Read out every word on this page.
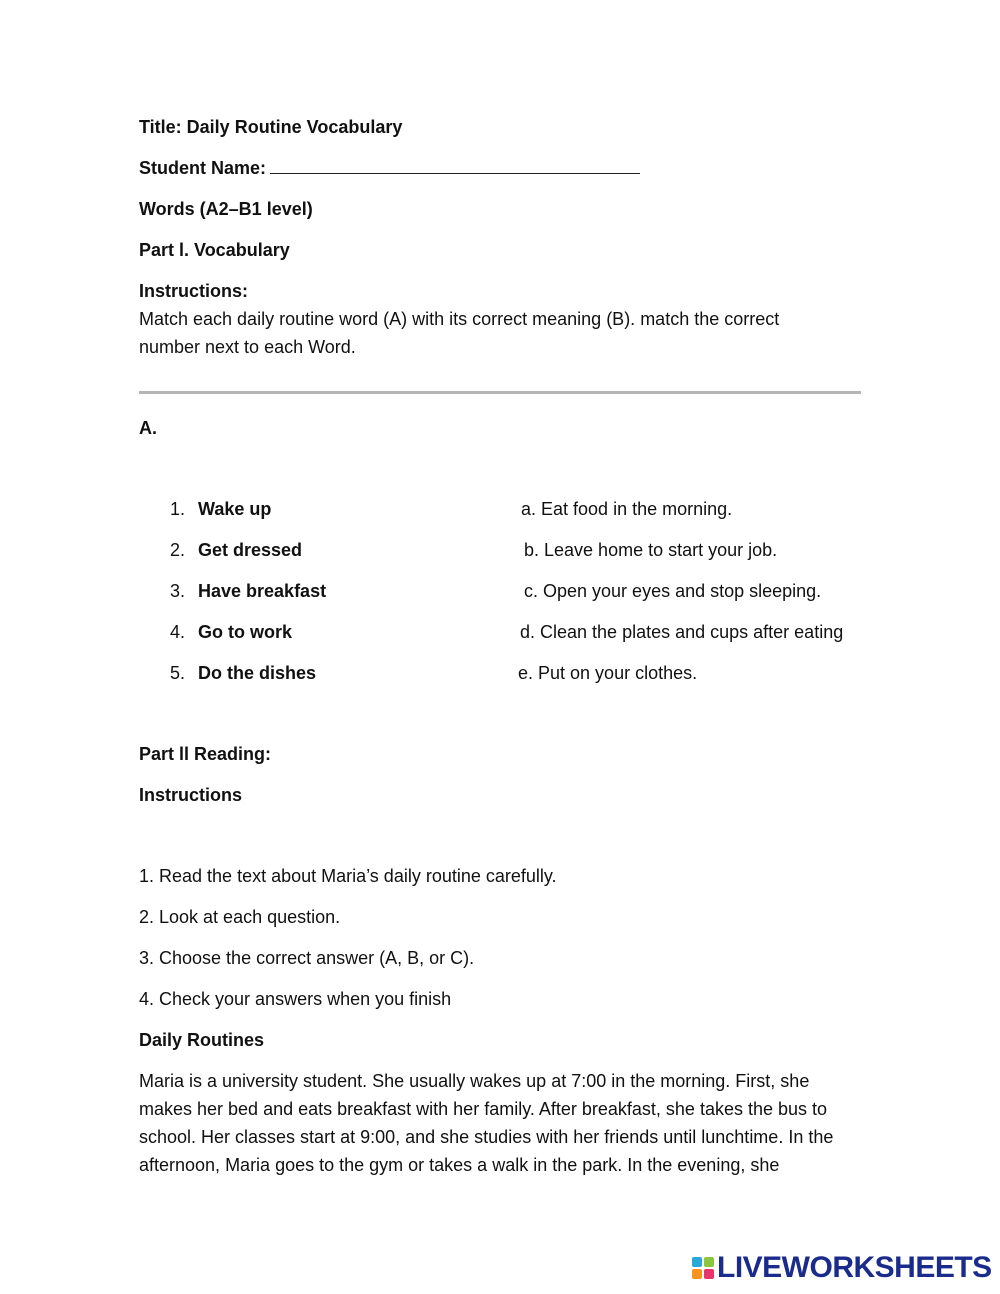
Title: Daily Routine Vocabulary
Student Name:
Words (A2–B1 level)
Part l. Vocabulary
Instructions:
Match each daily routine word (A) with its correct meaning (B). match the correct number next to each Word.
A.
1. Wake up
2. Get dressed
3. Have breakfast
4. Go to work
5. Do the dishes
a. Eat food in the morning.
b. Leave home to start your job.
c. Open your eyes and stop sleeping.
d. Clean the plates and cups after eating
e. Put on your clothes.
Part ll Reading:
Instructions
1. Read the text about Maria’s daily routine carefully.
2. Look at each question.
3. Choose the correct answer (A, B, or C).
4. Check your answers when you finish
Daily Routines
Maria is a university student. She usually wakes up at 7:00 in the morning. First, she makes her bed and eats breakfast with her family. After breakfast, she takes the bus to school. Her classes start at 9:00, and she studies with her friends until lunchtime. In the afternoon, Maria goes to the gym or takes a walk in the park. In the evening, she
LIVEWORKSHEETS
